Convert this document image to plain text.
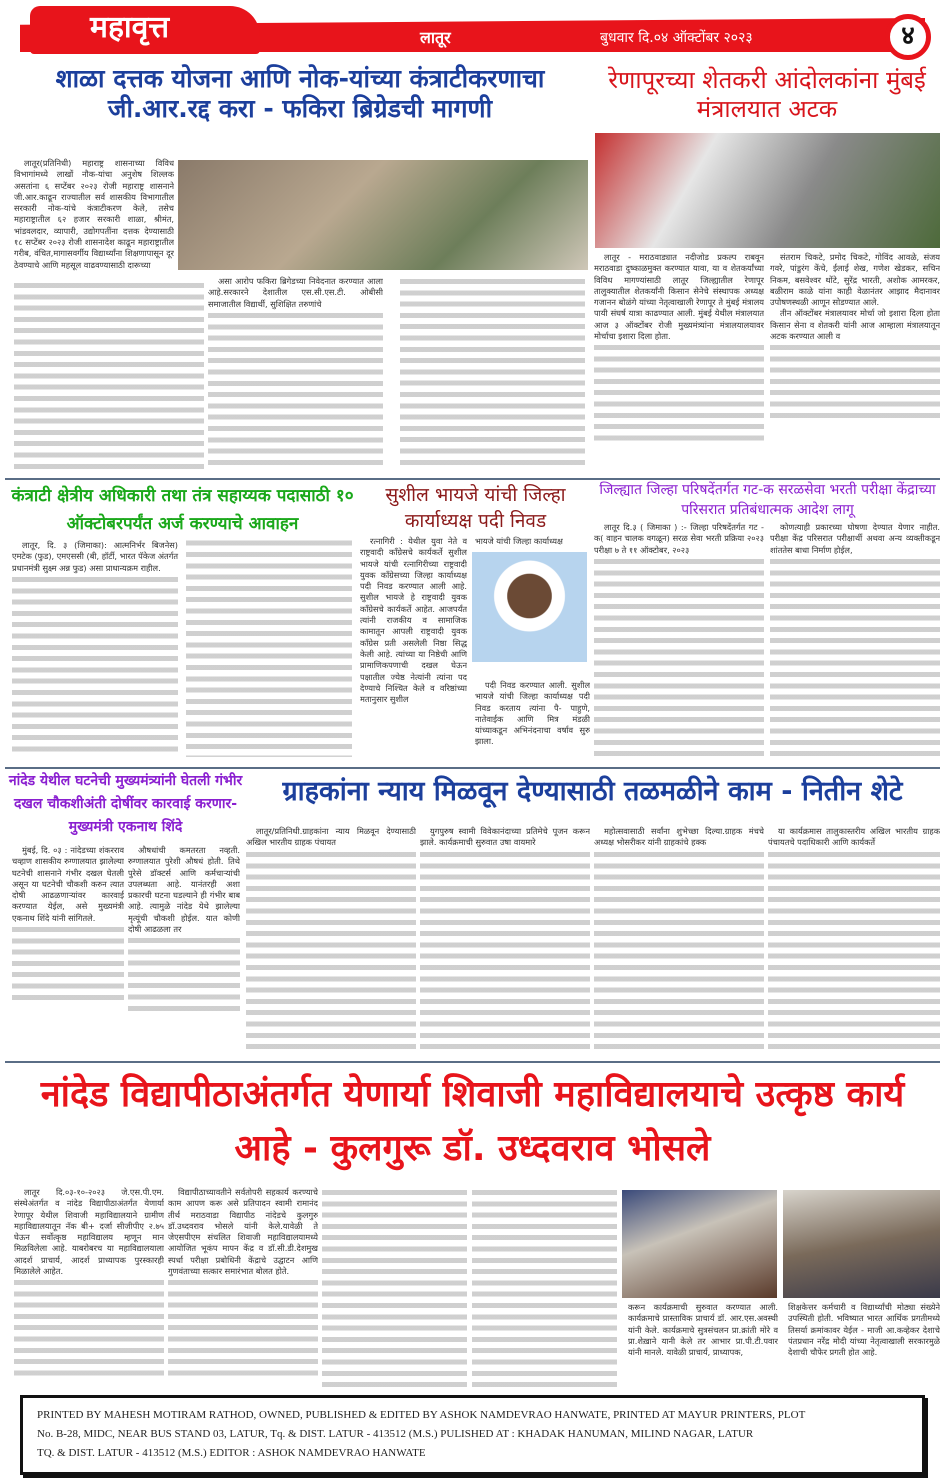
महावृत्त	लातूर	बुधवार दि.०४ ऑक्टोंबर २०२३	४
शाळा दत्तक योजना आणि नोक-यांच्या कंत्राटीकरणाचा जी.आर.रद्द करा - फकिरा ब्रिग्रेडची मागणी

लातूर(प्रतिनिधी) महाराष्ट्र शासनाच्या विविध विभागांमध्ये लाखों नौक-यांचा अनुशेष शिल्लक असतांना ६ सप्टेंबर २०२३ रोजी महाराष्ट्र शासनाने जी.आर.काढून राज्यातील सर्व शासकीय विभागातील सरकारी नोक-यांचे कंत्राटीकरण केले, तसेच महाराष्ट्रातील ६२ हजार सरकारी शाळा, श्रीमंत, भांडवलदार, व्यापारी, उद्योगपतींना दत्तक देण्यासाठी १८ सप्टेंबर २०२३ रोजी शासनादेश काढून महाराष्ट्रातील गरीब, वंचित,मागासवर्गीय विद्यार्थ्यांना शिक्षणापासून दूर ठेवण्याचे आणि महसूल वाढवण्यासाठी दारूच्या

असा आरोप फकिरा ब्रिगेडच्या निवेदनात करण्यात आला आहे.सरकारने देशातील एस.सी.एस.टी. ओबीसी समाजातील विद्यार्थी, सुशिक्षित तरुणांचे

रेणापूरच्या शेतकरी आंदोलकांना मुंबई मंत्रालयात अटक

लातूर - मराठवाड्यात नदीजोड प्रकल्प राबवून मराठवाडा दुष्काळमुक्त करण्यात यावा, या व शेतकर्यांच्या विविध मागण्यांसाठी लातूर जिल्ह्यातील रेणापूर तालुक्यातील शेतकर्यांनी किसान सेनेचे संस्थापक अध्यक्ष गजानन बोळंगे यांच्या नेतृत्वाखाली रेणापूर ते मुंबई मंत्रालय पायी संघर्ष यात्रा काढण्यात आली. मुंबई येथील मंत्रालयात आज ३ ऑक्टोंबर रोजी मुख्यमंत्र्यांना मंत्रालयालयावर मोर्चाचा इशारा दिला होता.

संतराम चिकटे, प्रमोद चिकटे, गोविंद आवळे, संजय गवरे, पांडुरंग केंचे, ईलाई शेख, गणेश खेडकर, सचिन निकम, बसवेश्वर थोंटे, सुरेंद्र भारती, अशोक आमरकर, बळीराम काळे यांना काही वेळानंतर आझाद मैदानावर उपोषणस्थळी आणून सोडण्यात आले.

तीन ऑक्टोंबर मंत्रालयावर मोर्चा जो इशारा दिला होता किसान सेना व शेतकरी यांनी आज आम्हाला मंत्रालयातून अटक करण्यात आली व

कंत्राटी क्षेत्रीय अधिकारी तथा तंत्र सहाय्यक पदासाठी १० ऑक्टोबरपर्यंत अर्ज करण्याचे आवाहन

लातूर, दि. ३ (जिमाका): आत्मनिर्भर बिजनेस) एमटेक (फुड), एमएससी (बी, हॉर्टी, भारत पॅकेज अंतर्गत प्रधानमंत्री सुक्ष्म अन्न फुड) असा प्राधान्यक्रम राहील.

सुशील भायजे यांची जिल्हा कार्याध्यक्ष पदी निवड

रत्नागिरी : येथील युवा नेते व राष्ट्रवादी काँग्रेसचे कार्यकर्ते सुशील भायजे यांची रत्नागिरीच्या राष्ट्रवादी युवक काँग्रेसच्या जिल्हा कार्याध्यक्ष पदी निवड करण्यात आली आहे. सुशील भायजे हे राष्ट्रवादी युवक काँग्रेसचे कार्यकर्ते आहेत. आजपर्यंत त्यांनी राजकीय व सामाजिक कामातून आपली राष्ट्रवादी युवक काँग्रेस प्रती असलेली निष्ठा सिद्ध केली आहे. त्यांच्या या निष्ठेची आणि प्रामाणिकपणाची दखल घेऊन पक्षातील ज्येष्ठ नेत्यांनी त्यांना पद देण्याचे निश्चित केले व वरिष्ठांच्या मतानुसार सुशील

भायजे यांची जिल्हा कार्याध्यक्ष

पदी निवड करण्यात आली. सुशील भायजे यांची जिल्हा कार्याध्यक्ष पदी निवड करताय त्यांना पै- पाहुणे, नातेवाईक आणि मित्र मंडळी यांच्याकडून अभिनंदनाचा वर्षाव सुरु झाला.

जिल्ह्यात जिल्हा परिषदेंतर्गत गट-क सरळसेवा भरती परीक्षा केंद्राच्या परिसरात प्रतिबंधात्मक आदेश लागू

लातूर दि.३ ( जिमाका ) :- जिल्हा परिषदेंतर्गत गट - क( वाहन चालक वगळून) सरळ सेवा भरती प्रक्रिया २०२३ परीक्षा ७ ते ११ ऑक्टोबर, २०२३

कोणत्याही प्रकारच्या घोषणा देण्यात येणार नाहीत. परीक्षा केंद्र परिसरात परीक्षार्थी अथवा अन्य व्यक्तीकडून शांततेस बाधा निर्माण होईल,

नांदेड येथील घटनेची मुख्यमंत्र्यांनी घेतली गंभीर दखल चौकशीअंती दोषींवर कारवाई करणार-मुख्यमंत्री एकनाथ शिंदे

मुंबई, दि. ०३ : नांदेडच्या शंकरराव चव्हाण शासकीय रुग्णालयात झालेल्या घटनेची शासनाने गंभीर दखल घेतली असून या घटनेची चौकशी करुन त्यात दोषी आढळणाऱ्यांवर कारवाई करण्यात येईल, असे मुख्यमंत्री एकनाथ शिंदे यांनी सांगितले.

औषधांची कमतरता नव्हती. रुग्णालयात पुरेशी औषधं होती. तिथे पुरेसे डॉक्टर्स आणि कर्मचाऱ्यांची उपलब्धता आहे. यानंतरही अशा प्रकारची घटना घडल्याने ही गंभीर बाब आहे. त्यामुळे नांदेड येथे झालेल्या मृत्यूंची चौकशी होईल. यात कोणी दोषी आढळला तर

ग्राहकांना न्याय मिळवून देण्यासाठी तळमळीने काम - नितीन शेटे

लातूर/प्रतिनिधी.ग्राहकांना न्याय मिळवून देण्यासाठी अखिल भारतीय ग्राहक पंचायत

युगपुरुष स्वामी विवेकानंदाच्या प्रतिमेचे पूजन करून झाले. कार्यक्रमाची सुरुवात उषा वायमारे

महोत्सवासाठी सर्वांना शुभेच्छा दिल्या.ग्राहक मंचचे अध्यक्ष भोसरीकर यांनी ग्राहकांचे हक्क

या कार्यक्रमास तालुकास्तरीय अखिल भारतीय ग्राहक पंचायतचे पदाधिकारी आणि कार्यकर्ते

नांदेड विद्यापीठाअंतर्गत येणार्या शिवाजी महाविद्यालयाचे उत्कृष्ठ कार्य आहे - कुलगुरू डॉ. उध्दवराव भोसले

लातूर दि.०३-१०-२०२३ जे.एस.पी.एम. संस्थेअंतर्गत व नांदेड विद्यापीठाअंतर्गत येणार्या रेणापूर येथील शिवाजी महाविद्यालयाने ग्रामीण महाविद्यालयातून नॅक बी+ दर्जा सीजीपीए २.७५ घेऊन सर्वोत्कृष्ठ महाविद्यालय म्हणून मान मिळविलेला आहे. याबरोबरच या महाविद्यालयाला आदर्श प्राचार्य, आदर्श प्राध्यापक पुरस्कारही मिळालेले आहेत.

विद्यापीठाच्यावतीने सर्वतोपरी सहकार्य करण्याचे काम आपण करू असे प्रतिपादन स्वामी रामानंद तीर्थ मराठवाडा विद्यापीठ नांदेडचे कुलगुरु डॉ.उध्दवराव भोसले यांनी केले.यावेळी ते जेएसपीएम संचलित शिवाजी महाविद्यालयामध्ये आयोजित भूकंप मापन केंद्र व डॉ.सी.डी.देशमुख स्पर्धा परीक्षा प्रबोधिनी केंद्राचे उद्घाटन आणि गुणवंताच्या सत्कार समारंभात बोलत होते.

करून कार्यक्रमाची सुरुवात करण्यात आली. कार्यक्रमाचे प्रास्ताविक प्राचार्य डॉ. आर.एस.अवस्थी यांनी केले. कार्यक्रमाचे सुत्रसंचलन प्रा.क्रांती मोरे व प्रा.शेख़ाने यानी केले तर आभार प्रा.पी.टी.पवार यांनी मानले. यावेळी प्राचार्य, प्राध्यापक,
शिक्षकेत्तर कर्मचारी व विद्यार्थ्यांची मोठ्या संख्येने उपस्थिती होती. भविष्यात भारत आर्थिक प्रगतीमध्ये तिसर्या क्रमांकावर येईल - माजी आ.कव्हेकर देशाचे पंतप्रधान नरेंद्र मोदी यांच्या नेतृत्वाखाली सरकारमुळे देशाची चौफेर प्रगती होत आहे.
PRINTED BY MAHESH MOTIRAM RATHOD, OWNED, PUBLISHED & EDITED BY ASHOK NAMDEVRAO HANWATE, PRINTED AT MAYUR PRINTERS, PLOT
No. B-28, MIDC, NEAR BUS STAND 03, LATUR, Tq. & DIST. LATUR - 413512 (M.S.) PULISHED AT : KHADAK HANUMAN, MILIND NAGAR, LATUR
TQ. & DIST. LATUR - 413512 (M.S.) EDITOR : ASHOK NAMDEVRAO HANWATE
